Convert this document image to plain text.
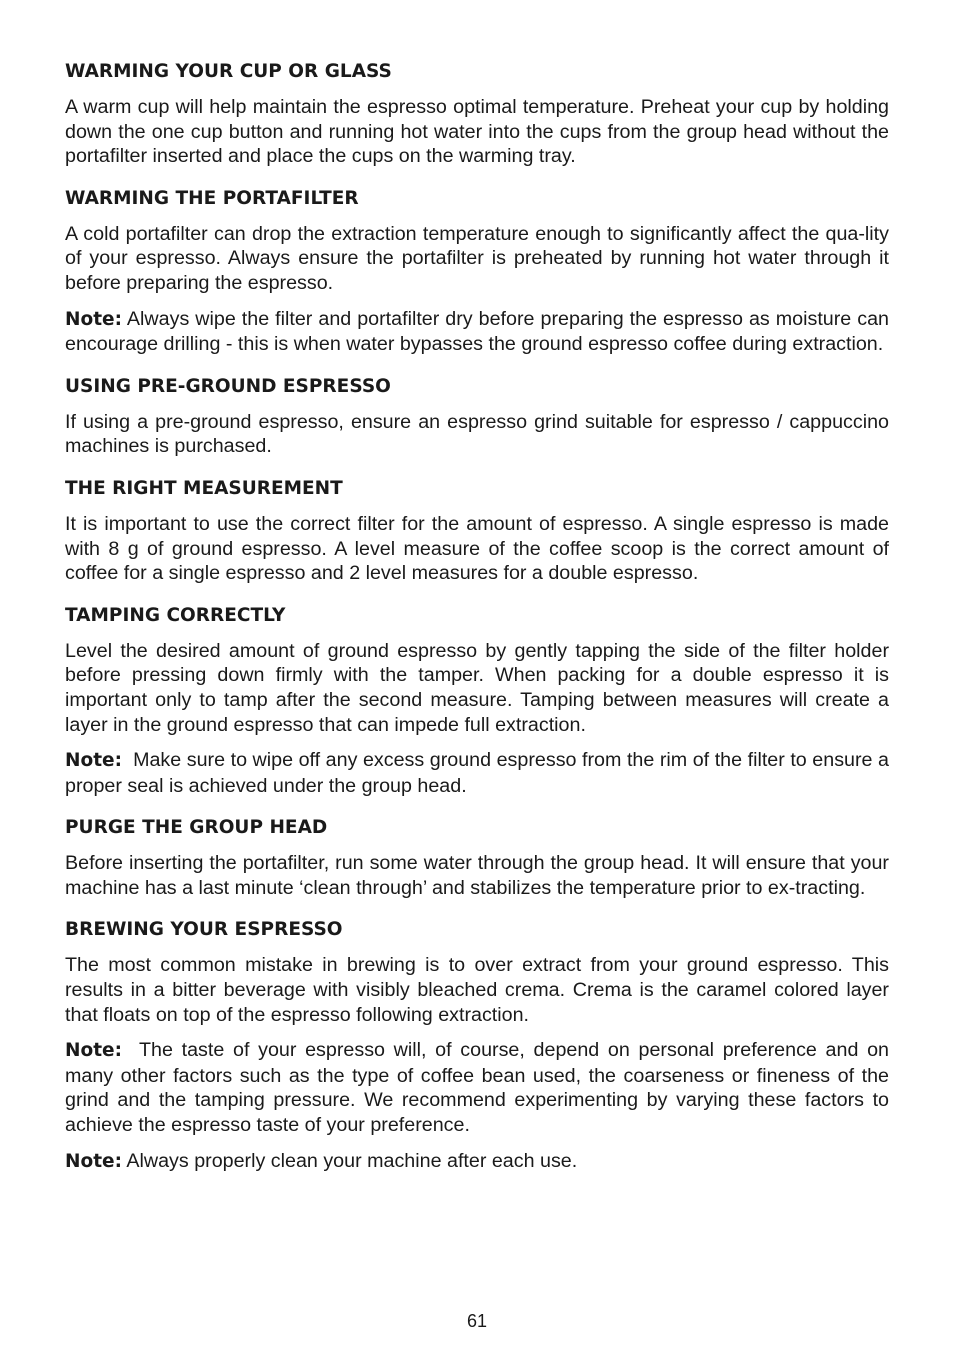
WARMING YOUR CUP OR GLASS

A warm cup will help maintain the espresso optimal temperature. Preheat your cup by holding down the one cup button and running hot water into the cups from the group head without the portafilter inserted and place the cups on the warming tray.

WARMING THE PORTAFILTER

A cold portafilter can drop the extraction temperature enough to significantly affect the qua-lity of your espresso. Always ensure the portafilter is preheated by running hot water through it before preparing the espresso.

Note: Always wipe the filter and portafilter dry before preparing the espresso as moisture can encourage drilling - this is when water bypasses the ground espresso coffee during extraction.

USING PRE-GROUND ESPRESSO

If using a pre-ground espresso, ensure an espresso grind suitable for espresso / cappuccino machines is purchased.

THE RIGHT MEASUREMENT

It is important to use the correct filter for the amount of espresso. A single espresso is made with 8 g of ground espresso. A level measure of the coffee scoop is the correct amount of coffee for a single espresso and 2 level measures for a double espresso.

TAMPING CORRECTLY

Level the desired amount of ground espresso by gently tapping the side of the filter holder before pressing down firmly with the tamper. When packing for a double espresso it is important only to tamp after the second measure. Tamping between measures will create a layer in the ground espresso that can impede full extraction.

Note: Make sure to wipe off any excess ground espresso from the rim of the filter to ensure a proper seal is achieved under the group head.

PURGE THE GROUP HEAD

Before inserting the portafilter, run some water through the group head. It will ensure that your machine has a last minute ‘clean through’ and stabilizes the temperature prior to ex-tracting.

BREWING YOUR ESPRESSO

The most common mistake in brewing is to over extract from your ground espresso. This results in a bitter beverage with visibly bleached crema. Crema is the caramel colored layer that floats on top of the espresso following extraction.

Note: The taste of your espresso will, of course, depend on personal preference and on many other factors such as the type of coffee bean used, the coarseness or fineness of the grind and the tamping pressure. We recommend experimenting by varying these factors to achieve the espresso taste of your preference.

Note: Always properly clean your machine after each use.

61
